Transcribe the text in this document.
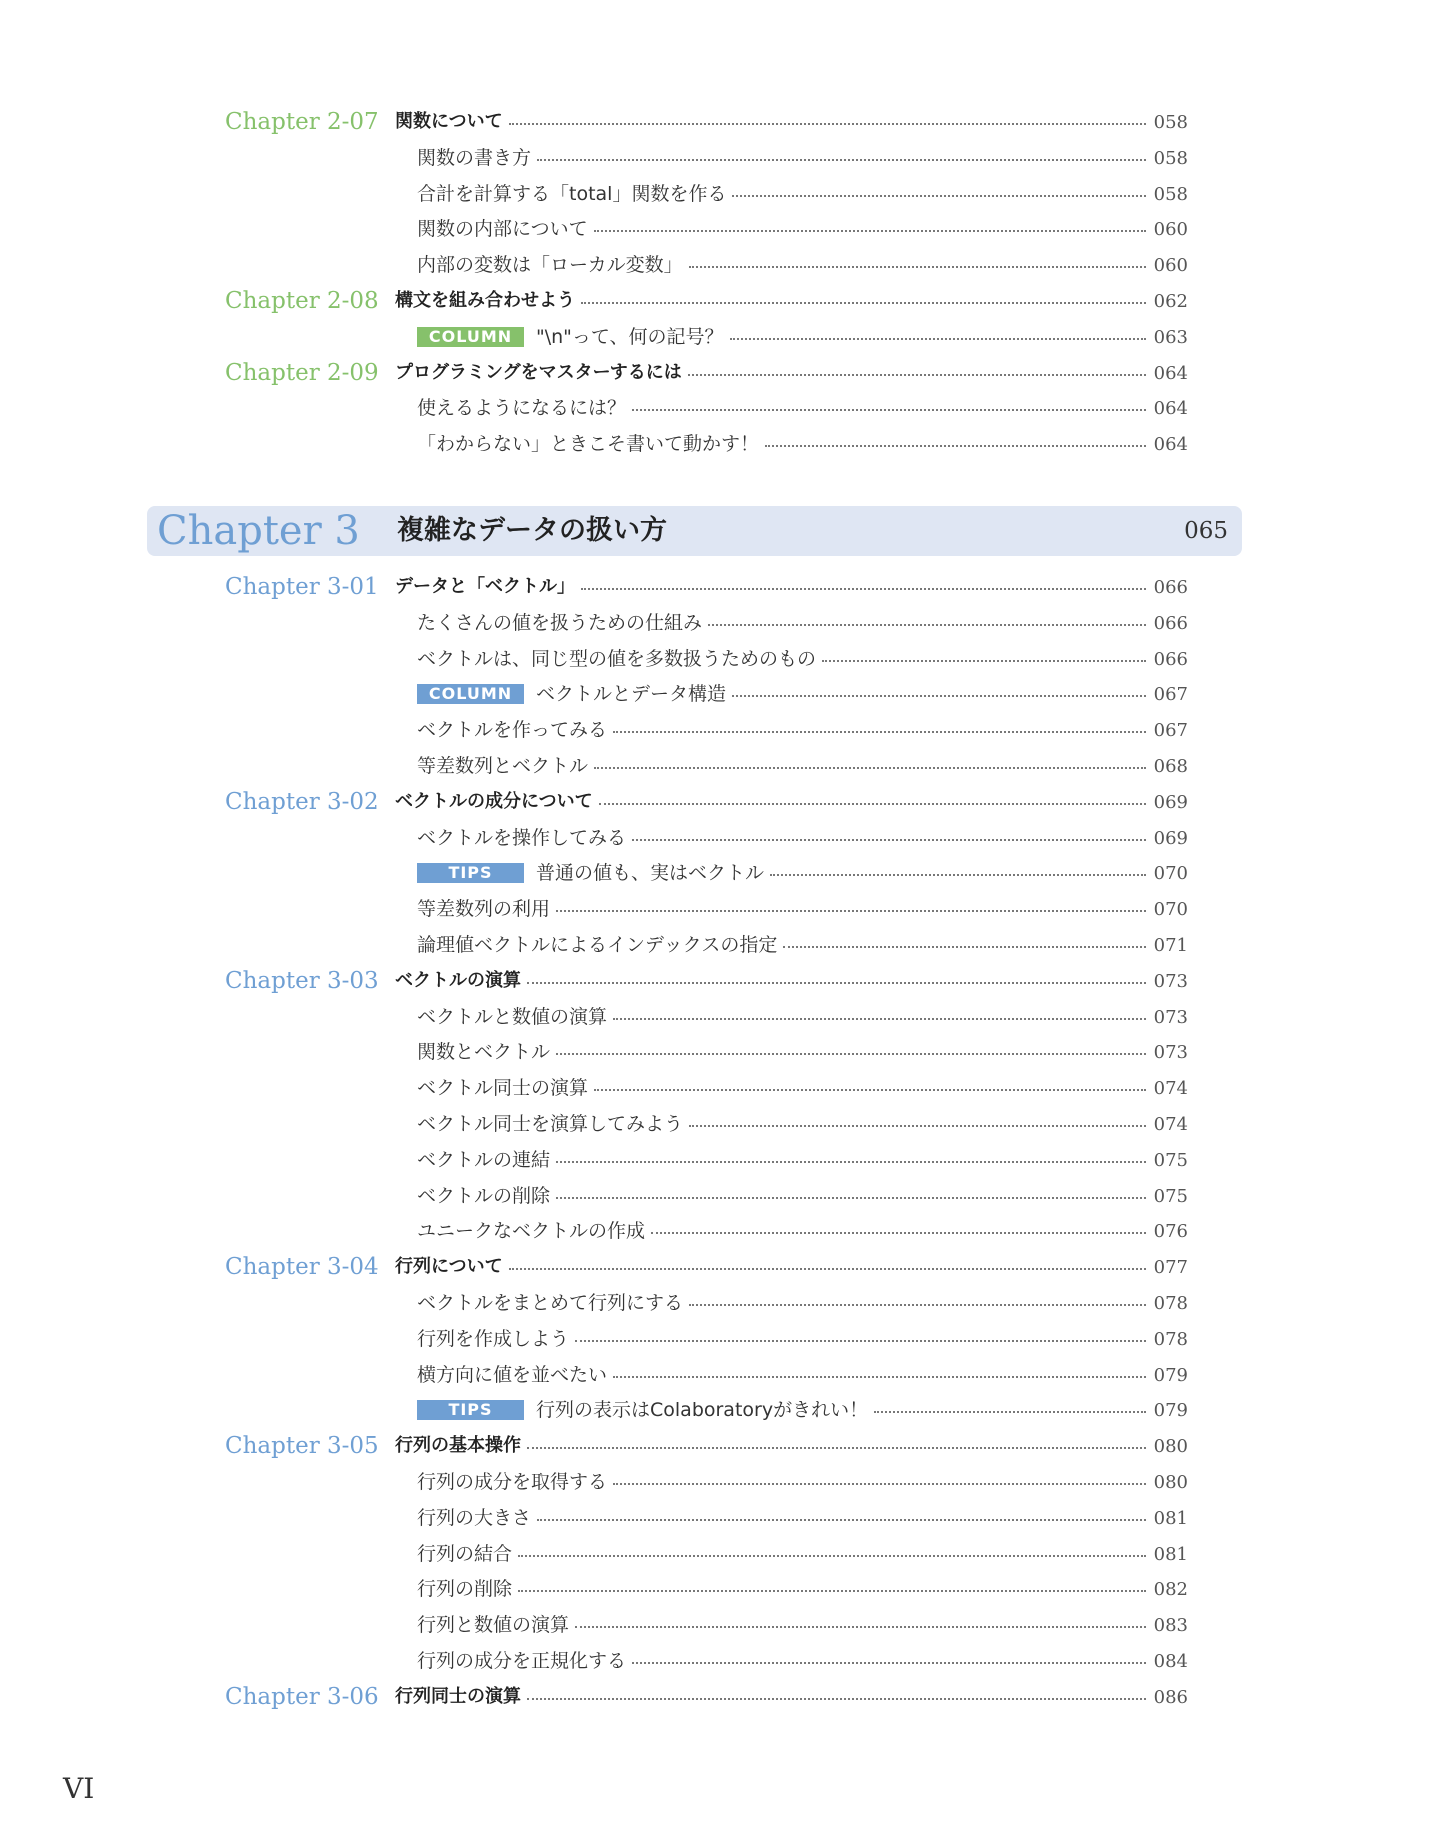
Chapter 2-07 関数について	058
関数の書き方	058
合計を計算する「total」関数を作る	058
関数の内部について	060
内部の変数は「ローカル変数」	060
Chapter 2-08 構文を組み合わせよう	062
COLUMN	"\n"って、何の記号？	063
Chapter 2-09 プログラミングをマスターするには	064
使えるようになるには？	064
「わからない」ときこそ書いて動かす！	064
Chapter 3-01 データと「ベクトル」	066
たくさんの値を扱うための仕組み	066
ベクトルは、同じ型の値を多数扱うためのもの	066
COLUMN	ベクトルとデータ構造	067
ベクトルを作ってみる	067
等差数列とベクトル	068
Chapter 3-02 ベクトルの成分について	069
ベクトルを操作してみる	069
TIPS	普通の値も、実はベクトル	070
等差数列の利用	070
論理値ベクトルによるインデックスの指定	071
Chapter 3-03 ベクトルの演算	073
ベクトルと数値の演算	073
関数とベクトル	073
ベクトル同士の演算	074
ベクトル同士を演算してみよう	074
ベクトルの連結	075
ベクトルの削除	075
ユニークなベクトルの作成	076
Chapter 3-04 行列について	077
ベクトルをまとめて行列にする	078
行列を作成しよう	078
横方向に値を並べたい	079
TIPS	行列の表示はColaboratoryがきれい！	079
Chapter 3-05 行列の基本操作	080
行列の成分を取得する	080
行列の大きさ	081
行列の結合	081
行列の削除	082
行列と数値の演算	083
行列の成分を正規化する	084
Chapter 3-06 行列同士の演算	086
Chapter 3 複雑なデータの扱い方	065
VI
